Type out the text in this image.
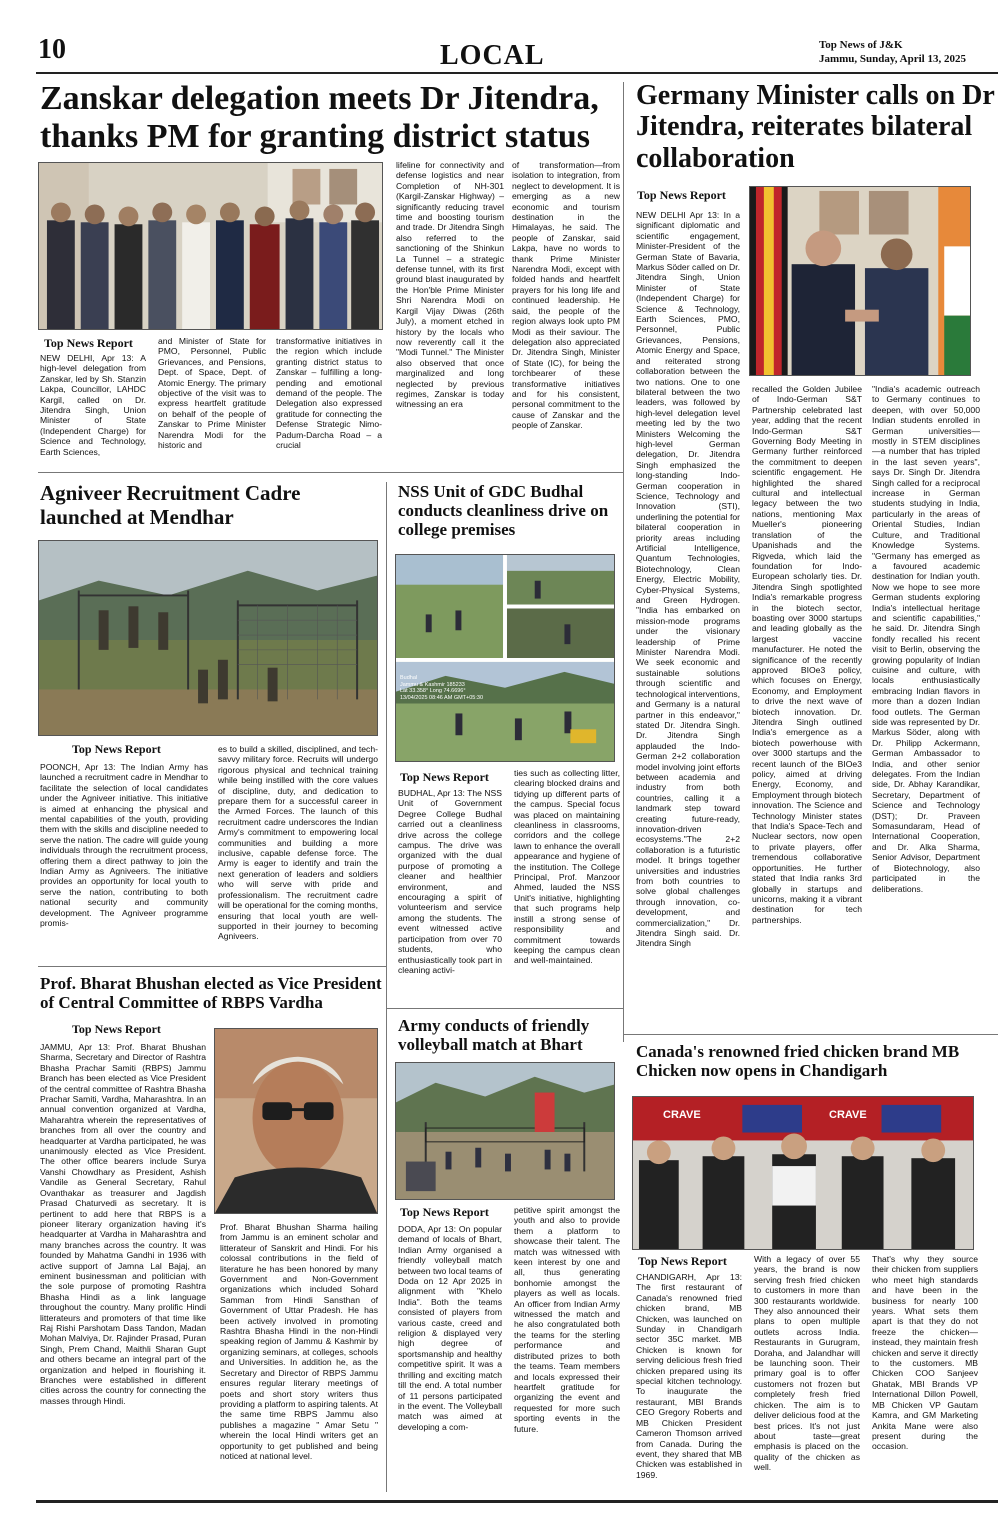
10	LOCAL	Top News of J&K
Jammu, Sunday, April 13, 2025
Zanskar delegation meets Dr Jitendra, thanks PM for granting district status
Top News Report
NEW DELHI, Apr 13: A high-level delegation from Zanskar, led by Sh. Stanzin Lakpa, Councillor, LAHDC Kargil, called on Dr. Jitendra Singh, Union Minister of State (Independent Charge) for Science and Technology, Earth Sciences,
and Minister of State for PMO, Personnel, Public Grievances, and Pensions, Dept. of Space, Dept. of Atomic Energy. The primary objective of the visit was to express heartfelt gratitude on behalf of the people of Zanskar to Prime Minister Narendra Modi for the historic and
transformative initiatives in the region which include granting district status to Zanskar – fulfilling a long-pending and emotional demand of the people. The Delegation also expressed gratitude for connecting the Defense Strategic Nimo-Padum-Darcha Road – a crucial
lifeline for connectivity and defense logistics and near Completion of NH-301 (Kargil-Zanskar Highway) – significantly reducing travel time and boosting tourism and trade. Dr Jitendra Singh also referred to the sanctioning of the Shinkun La Tunnel – a strategic defense tunnel, with its first ground blast inaugurated by the Hon'ble Prime Minister Shri Narendra Modi on Kargil Vijay Diwas (26th July), a moment etched in history by the locals who now reverently call it the "Modi Tunnel." The Minister also observed that once marginalized and long neglected by previous regimes, Zanskar is today witnessing an era
of transformation—from isolation to integration, from neglect to development. It is emerging as a new economic and tourism destination in the Himalayas, he said. The people of Zanskar, said Lakpa, have no words to thank Prime Minister Narendra Modi, except with folded hands and heartfelt prayers for his long life and continued leadership. He said, the people of the region always look upto PM Modi as their saviour. The delegation also appreciated Dr. Jitendra Singh, Minister of State (IC), for being the torchbearer of these transformative initiatives and for his consistent, personal commitment to the cause of Zanskar and the people of Zanskar.
Germany Minister calls on Dr Jitendra, reiterates bilateral collaboration
Top News Report
NEW DELHI Apr 13: In a significant diplomatic and scientific engagement, Minister-President of the German State of Bavaria, Markus Söder called on Dr. Jitendra Singh, Union Minister of State (Independent Charge) for Science & Technology, Earth Sciences, PMO, Personnel, Public Grievances, Pensions, Atomic Energy and Space, and reiterated strong collaboration between the two nations. One to one bilateral between the two leaders, was followed by high-level delegation level meeting led by the two Ministers Welcoming the high-level German delegation, Dr. Jitendra Singh emphasized the long-standing Indo-German cooperation in Science, Technology and Innovation (STI), underlining the potential for bilateral cooperation in priority areas including Artificial Intelligence, Quantum Technologies, Biotechnology, Clean Energy, Electric Mobility, Cyber-Physical Systems, and Green Hydrogen. "India has embarked on mission-mode programs under the visionary leadership of Prime Minister Narendra Modi. We seek economic and sustainable solutions through scientific and technological interventions, and Germany is a natural partner in this endeavor," stated Dr. Jitendra Singh. Dr. Jitendra Singh applauded the Indo-German 2+2 collaboration model involving joint efforts between academia and industry from both countries, calling it a landmark step toward creating future-ready, innovation-driven ecosystems."The 2+2 collaboration is a futuristic model. It brings together universities and industries from both countries to solve global challenges through innovation, co-development, and commercialization," Dr. Jitendra Singh said. Dr. Jitendra Singh
recalled the Golden Jubilee of Indo-German S&T Partnership celebrated last year, adding that the recent Indo-German S&T Governing Body Meeting in Germany further reinforced the commitment to deepen scientific engagement. He highlighted the shared cultural and intellectual legacy between the two nations, mentioning Max Mueller's pioneering translation of the Upanishads and the Rigveda, which laid the foundation for Indo-European scholarly ties. Dr. Jitendra Singh spotlighted India's remarkable progress in the biotech sector, boasting over 3000 startups and leading globally as the largest vaccine manufacturer. He noted the significance of the recently approved BIOe3 policy, which focuses on Energy, Economy, and Employment to drive the next wave of biotech innovation. Dr. Jitendra Singh outlined India's emergence as a biotech powerhouse with over 3000 startups and the recent launch of the BIOe3 policy, aimed at driving Energy, Economy, and Employment through biotech innovation. The Science and Technology Minister states that India's Space-Tech and Nuclear sectors, now open to private players, offer tremendous collaborative opportunities. He further stated that India ranks 3rd globally in startups and unicorns, making it a vibrant destination for tech partnerships.
"India's academic outreach to Germany continues to deepen, with over 50,000 Indian students enrolled in German universities—mostly in STEM disciplines—a number that has tripled in the last seven years", says Dr. Singh Dr. Jitendra Singh called for a reciprocal increase in German students studying in India, particularly in the areas of Oriental Studies, Indian Culture, and Traditional Knowledge Systems. "Germany has emerged as a favoured academic destination for Indian youth. Now we hope to see more German students exploring India's intellectual heritage and scientific capabilities," he said. Dr. Jitendra Singh fondly recalled his recent visit to Berlin, observing the growing popularity of Indian cuisine and culture, with locals enthusiastically embracing Indian flavors in more than a dozen Indian food outlets. The German side was represented by Dr. Markus Söder, along with Dr. Philipp Ackermann, German Ambassador to India, and other senior delegates. From the Indian side, Dr. Abhay Karandikar, Secretary, Department of Science and Technology (DST); Dr. Praveen Somasundaram, Head of International Cooperation, and Dr. Alka Sharma, Senior Advisor, Department of Biotechnology, also participated in the deliberations.
Agniveer Recruitment Cadre launched at Mendhar
Top News Report
POONCH, Apr 13: The Indian Army has launched a recruitment cadre in Mendhar to facilitate the selection of local candidates under the Agniveer initiative. This initiative is aimed at enhancing the physical and mental capabilities of the youth, providing them with the skills and discipline needed to serve the nation. The cadre will guide young individuals through the recruitment process, offering them a direct pathway to join the Indian Army as Agniveers. The initiative provides an opportunity for local youth to serve the nation, contributing to both national security and community development. The Agniveer programme promis-
es to build a skilled, disciplined, and tech-savvy military force. Recruits will undergo rigorous physical and technical training while being instilled with the core values of discipline, duty, and dedication to prepare them for a successful career in the Armed Forces. The launch of this recruitment cadre underscores the Indian Army's commitment to empowering local communities and building a more inclusive, capable defense force. The Army is eager to identify and train the next generation of leaders and soldiers who will serve with pride and professionalism. The recruitment cadre will be operational for the coming months, ensuring that local youth are well-supported in their journey to becoming Agniveers.
NSS Unit of GDC Budhal conducts cleanliness drive on college premises
Budhal
Jammu & Kashmir 185233
Lat 33.358° Long 74.6696°
13/04/2025 08:46 AM GMT+05:30
Top News Report
BUDHAL, Apr 13: The NSS Unit of Government Degree College Budhal carried out a cleanliness drive across the college campus. The drive was organized with the dual purpose of promoting a cleaner and healthier environment, and encouraging a spirit of volunteerism and service among the students. The event witnessed active participation from over 70 students, who enthusiastically took part in cleaning activi-
ties such as collecting litter, clearing blocked drains and tidying up different parts of the campus. Special focus was placed on maintaining cleanliness in classrooms, corridors and the college lawn to enhance the overall appearance and hygiene of the institution. The College Principal, Prof. Manzoor Ahmed, lauded the NSS Unit's initiative, highlighting that such programs help instill a strong sense of responsibility and commitment towards keeping the campus clean and well-maintained.
Prof. Bharat Bhushan elected as Vice President of Central Committee of RBPS Vardha
Top News Report
JAMMU, Apr 13: Prof. Bharat Bhushan Sharma, Secretary and Director of Rashtra Bhasha Prachar Samiti (RBPS) Jammu Branch has been elected as Vice President of the central committee of Rashtra Bhasha Prachar Samiti, Vardha, Maharashtra. In an annual convention organized at Vardha, Maharahtra wherein the representatives of branches from all over the country and headquarter at Vardha participated, he was unanimously elected as Vice President. The other office bearers include Surya Vanshi Chowdhary as President, Ashish Vandile as General Secretary, Rahul Ovanthakar as treasurer and Jagdish Prasad Chaturvedi as secretary. It is pertinent to add here that RBPS is a pioneer literary organization having it's headquarter at Vardha in Maharashtra and many branches across the country. It was founded by Mahatma Gandhi in 1936 with active support of Jamna Lal Bajaj, an eminent businessman and politician with the sole purpose of promoting Rashtra Bhasha Hindi as a link language throughout the country. Many prolific Hindi litterateurs and promoters of that time like Raj Rishi Parshotam Dass Tandon, Madan Mohan Malviya, Dr. Rajinder Prasad, Puran Singh, Prem Chand, Maithli Sharan Gupt and others became an integral part of the organization and helped in flourishing it. Branches were established in different cities across the country for connecting the masses through Hindi.
Prof. Bharat Bhushan Sharma hailing from Jammu is an eminent scholar and litterateur of Sanskrit and Hindi. For his colossal contributions in the field of literature he has been honored by many Government and Non-Government organizations which included Sohard Samman from Hindi Sansthan of Government of Uttar Pradesh. He has been actively involved in promoting Rashtra Bhasha Hindi in the non-Hindi speaking region of Jammu & Kashmir by organizing seminars, at colleges, schools and Universities. In addition he, as the Secretary and Director of RBPS Jammu ensures regular literary meetings of poets and short story writers thus providing a platform to aspiring talents. At the same time RBPS Jammu also publishes a magazine " Amar Setu " wherein the local Hindi writers get an opportunity to get published and being noticed at national level.
Army conducts of friendly volleyball match at Bhart
Top News Report
DODA, Apr 13: On popular demand of locals of Bhart, Indian Army organised a friendly volleyball match between two local teams of Doda on 12 Apr 2025 in alignment with "Khelo India". Both the teams consisted of players from various caste, creed and religion & displayed very high degree of sportsmanship and healthy competitive spirit. It was a thrilling and exciting match till the end. A total number of 11 persons participated in the event. The Volleyball match was aimed at developing a com-
petitive spirit amongst the youth and also to provide them a platform to showcase their talent. The match was witnessed with keen interest by one and all, thus generating bonhomie amongst the players as well as locals. An officer from Indian Army witnessed the match and he also congratulated both the teams for the sterling performance and distributed prizes to both the teams. Team members and locals expressed their heartfelt gratitude for organizing the event and requested for more such sporting events in the future.
Canada's renowned fried chicken brand MB Chicken now opens in Chandigarh
CRAVE	CRAVE
Top News Report
CHANDIGARH, Apr 13: The first restaurant of Canada's renowned fried chicken brand, MB Chicken, was launched on Sunday in Chandigarh sector 35C market. MB Chicken is known for serving delicious fresh fried chicken prepared using its special kitchen technology. To inaugurate the restaurant, MBI Brands CEO Gregory Roberts and MB Chicken President Cameron Thomson arrived from Canada. During the event, they shared that MB Chicken was established in 1969.
With a legacy of over 55 years, the brand is now serving fresh fried chicken to customers in more than 300 restaurants worldwide. They also announced their plans to open multiple outlets across India. Restaurants in Gurugram, Doraha, and Jalandhar will be launching soon. Their primary goal is to offer customers not frozen but completely fresh fried chicken. The aim is to deliver delicious food at the best prices. It's not just about taste—great emphasis is placed on the quality of the chicken as well.
That's why they source their chicken from suppliers who meet high standards and have been in the business for nearly 100 years. What sets them apart is that they do not freeze the chicken—instead, they maintain fresh chicken and serve it directly to the customers. MB Chicken COO Sanjeev Ghatak, MBI Brands VP International Dillon Powell, MB Chicken VP Gautam Kamra, and GM Marketing Ankita Mane were also present during the occasion.
